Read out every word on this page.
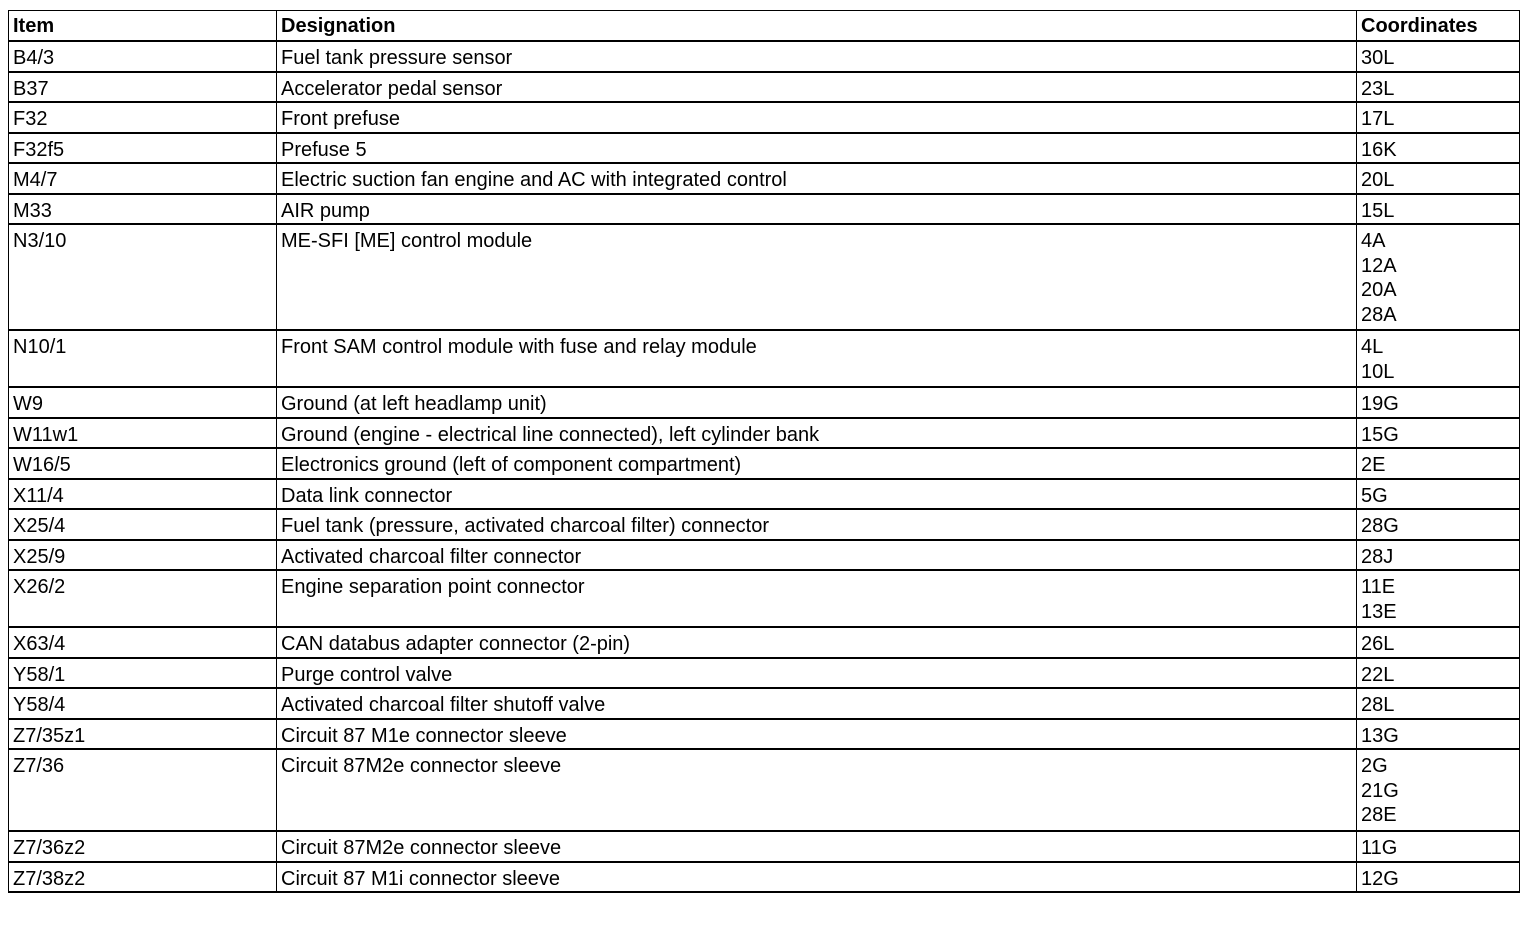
Item	Designation	Coordinates
B4/3	Fuel tank pressure sensor	30L

B37	Accelerator pedal sensor	23L

F32	Front prefuse	17L

F32f5	Prefuse 5	16K

M4/7	Electric suction fan engine and AC with integrated control	20L

M33	AIR pump	15L

N3/10	ME-SFI [ME] control module	4A
12A
20A
28A

N10/1	Front SAM control module with fuse and relay module	4L
10L

W9	Ground (at left headlamp unit)	19G

W11w1	Ground (engine - electrical line connected), left cylinder bank	15G

W16/5	Electronics ground (left of component compartment)	2E

X11/4	Data link connector	5G

X25/4	Fuel tank (pressure, activated charcoal filter) connector	28G

X25/9	Activated charcoal filter connector	28J

X26/2	Engine separation point connector	11E
13E

X63/4	CAN databus adapter connector (2-pin)	26L

Y58/1	Purge control valve	22L

Y58/4	Activated charcoal filter shutoff valve	28L

Z7/35z1	Circuit 87 M1e connector sleeve	13G

Z7/36	Circuit 87M2e connector sleeve	2G
21G
28E

Z7/36z2	Circuit 87M2e connector sleeve	11G

Z7/38z2	Circuit 87 M1i connector sleeve	12G
